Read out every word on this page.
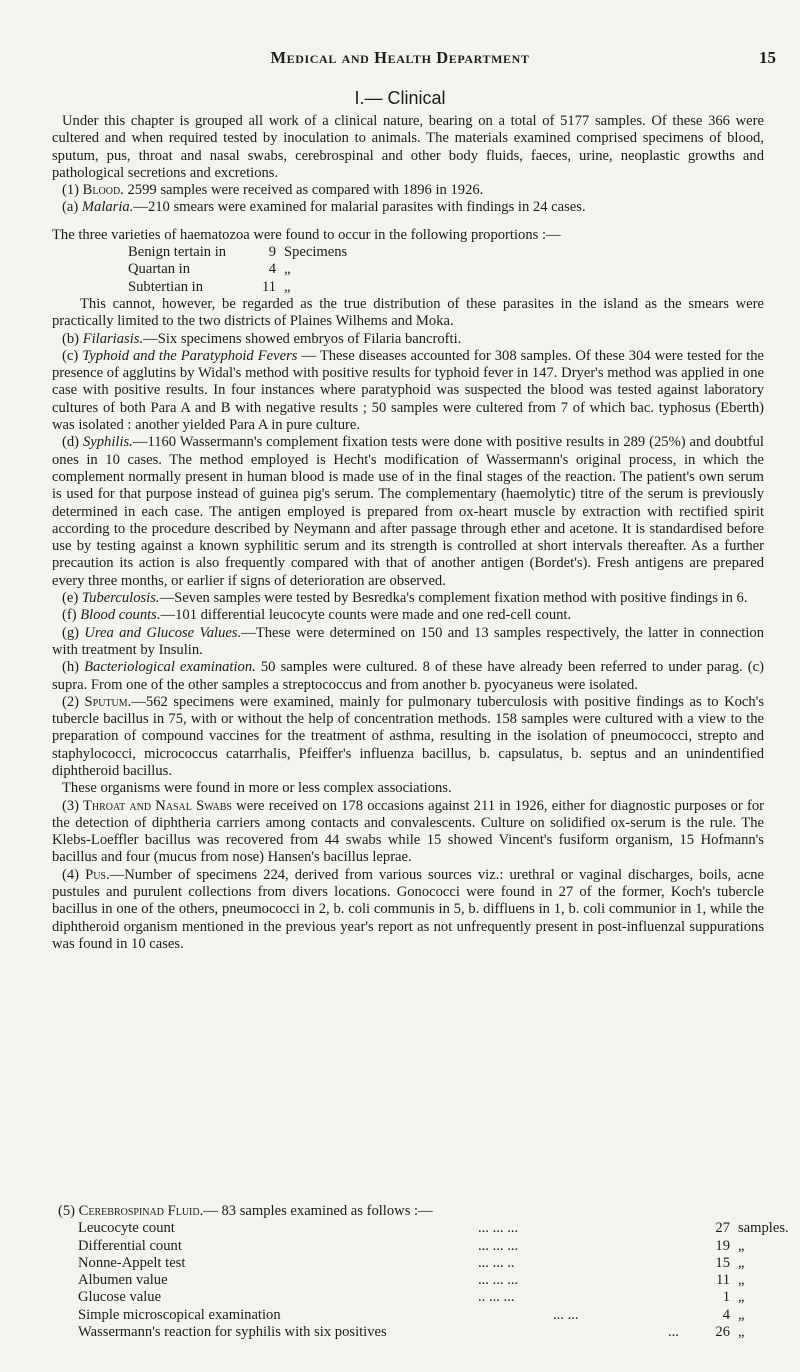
Medical and Health Department	15
I.— Clinical

Under this chapter is grouped all work of a clinical nature, bearing on a total of 5177 samples. Of these 366 were cultered and when required tested by inoculation to animals. The materials examined comprised specimens of blood, sputum, pus, throat and nasal swabs, cerebrospinal and other body fluids, faeces, urine, neoplastic growths and pathological secretions and excretions.

(1) Blood. 2599 samples were received as compared with 1896 in 1926.

(a) Malaria.—210 smears were examined for malarial parasites with findings in 24 cases.

The three varieties of haematozoa were found to occur in the following proportions :—

Benign tertain in	9 Specimens
Quartan in	4 „
Subtertian in	11 „

This cannot, however, be regarded as the true distribution of these parasites in the island as the smears were practically limited to the two districts of Plaines Wilhems and Moka.

(b) Filariasis.—Six specimens showed embryos of Filaria bancrofti.

(c) Typhoid and the Paratyphoid Fevers — These diseases accounted for 308 samples. Of these 304 were tested for the presence of agglutins by Widal's method with positive results for typhoid fever in 147. Dryer's method was applied in one case with positive results. In four instances where paratyphoid was suspected the blood was tested against laboratory cultures of both Para A and B with negative results ; 50 samples were cultered from 7 of which bac. typhosus (Eberth) was isolated : another yielded Para A in pure culture.

(d) Syphilis.—1160 Wassermann's complement fixation tests were done with positive results in 289 (25%) and doubtful ones in 10 cases. The method employed is Hecht's modification of Wassermann's original process, in which the complement normally present in human blood is made use of in the final stages of the reaction. The patient's own serum is used for that purpose instead of guinea pig's serum. The complementary (haemolytic) titre of the serum is previously determined in each case. The antigen employed is prepared from ox-heart muscle by extraction with rectified spirit according to the procedure described by Neymann and after passage through ether and acetone. It is standardised before use by testing against a known syphilitic serum and its strength is controlled at short intervals thereafter. As a further precaution its action is also frequently compared with that of another antigen (Bordet's). Fresh antigens are prepared every three months, or earlier if signs of deterioration are observed.

(e) Tuberculosis.—Seven samples were tested by Besredka's complement fixation method with positive findings in 6.

(f) Blood counts.—101 differential leucocyte counts were made and one red-cell count.

(g) Urea and Glucose Values.—These were determined on 150 and 13 samples respectively, the latter in connection with treatment by Insulin.

(h) Bacteriological examination. 50 samples were cultured. 8 of these have already been referred to under parag. (c) supra. From one of the other samples a streptococcus and from another b. pyocyaneus were isolated.

(2) Sputum.—562 specimens were examined, mainly for pulmonary tuberculosis with positive findings as to Koch's tubercle bacillus in 75, with or without the help of concentration methods. 158 samples were cultured with a view to the preparation of compound vaccines for the treatment of asthma, resulting in the isolation of pneumococci, strepto and staphylococci, micrococcus catarrhalis, Pfeiffer's influenza bacillus, b. capsulatus, b. septus and an unindentified diphtheroid bacillus.

These organisms were found in more or less complex associations.

(3) Throat and Nasal Swabs were received on 178 occasions against 211 in 1926, either for diagnostic purposes or for the detection of diphtheria carriers among contacts and convalescents. Culture on solidified ox-serum is the rule. The Klebs-Loeffler bacillus was recovered from 44 swabs while 15 showed Vincent's fusiform organism, 15 Hofmann's bacillus and four (mucus from nose) Hansen's bacillus leprae.

(4) Pus.—Number of specimens 224, derived from various sources viz.: urethral or vaginal discharges, boils, acne pustules and purulent collections from divers locations. Gonococci were found in 27 of the former, Koch's tubercle bacillus in one of the others, pneumococci in 2, b. coli communis in 5, b. diffluens in 1, b. coli communior in 1, while the diphtheroid organism mentioned in the previous year's report as not unfrequently present in post-influenzal suppurations was found in 10 cases.

(5) Cerebrospinad Fluid.— 83 samples examined as follows :—

Leucocyte count	... ... ...	27 samples.
Differential count	... ... ...	19 „
Nonne-Appelt test	... ... ..	15 „
Albumen value	... ... ...	11 „
Glucose value	.. ... ...	1 „
Simple microscopical examination	... ...	4 „
Wassermann's reaction for syphilis with six positives	...	26 „
